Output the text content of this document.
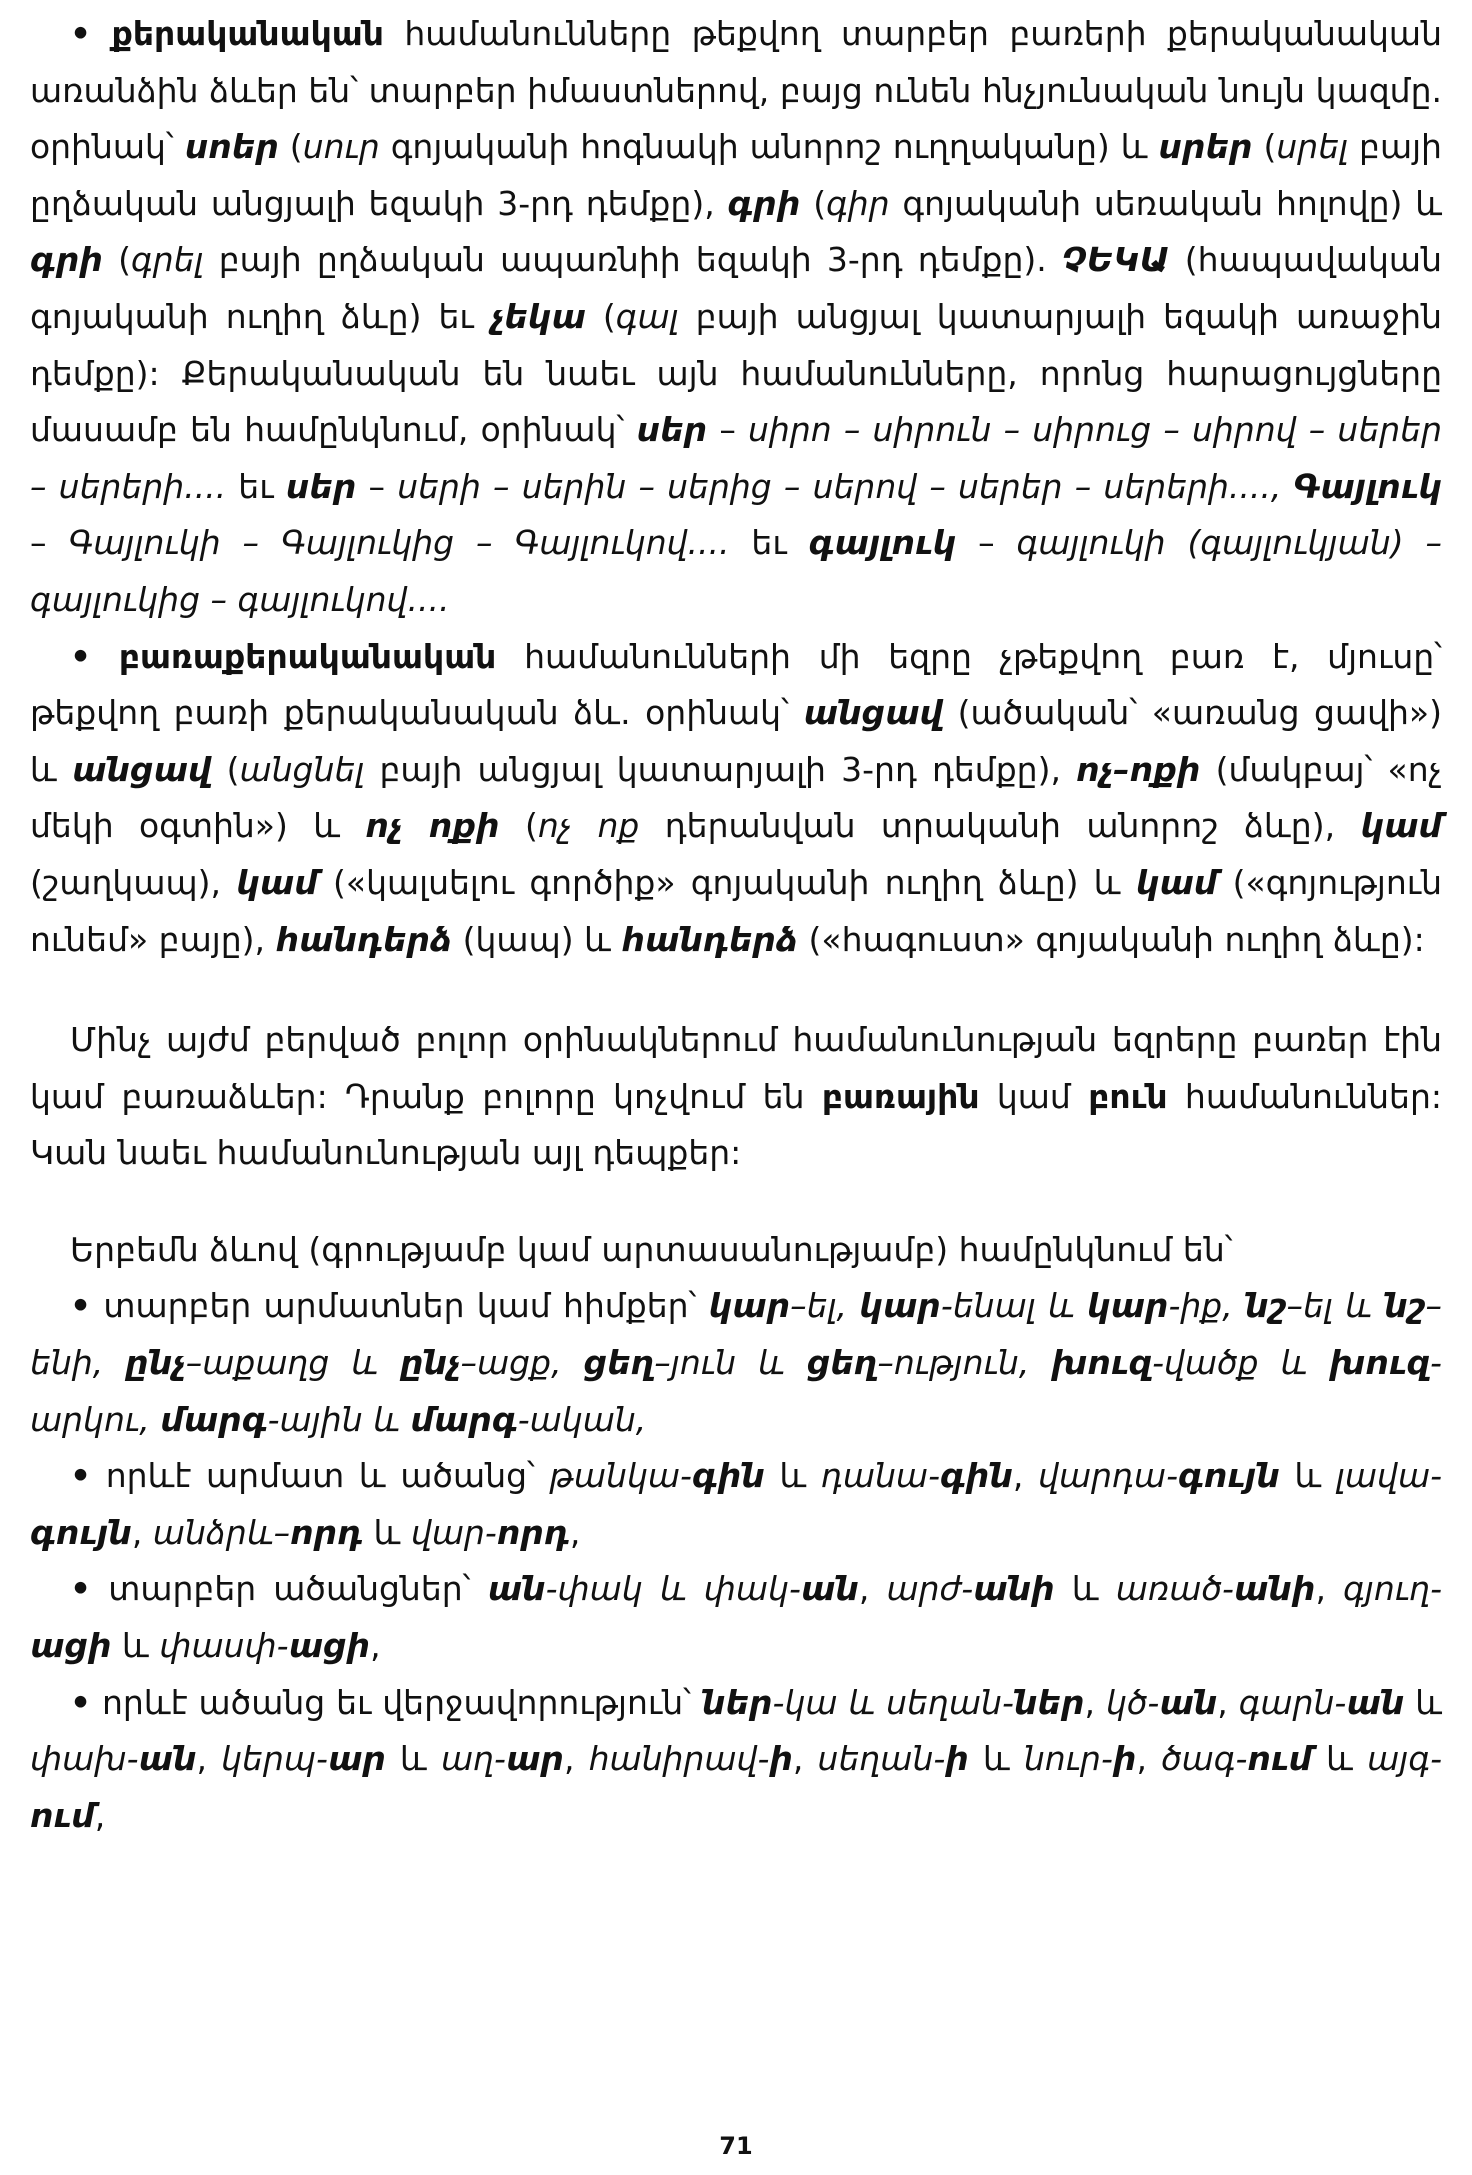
• քերականական համանունները թեքվող տարբեր բառերի քերականական առանձին ձևեր են՝ տարբեր իմաստներով, բայց ունեն հնչյունական նույն կազմը. օրինակ՝ սոեր (սուր գոյականի հոգնակի անորոշ ուղղականը) և սրեր (սրել բայի ըղձական անցյալի եզակի 3-րդ դեմքը), գրի (գիր գոյականի սեռական հոլովը) և գրի (գրել բայի ըղձական ապառնիի եզակի 3-րդ դեմքը). ՉԵԿԱ (հապավական գոյականի ուղիղ ձևը) եւ չեկա (գալ բայի անցյալ կատարյալի եզակի առաջին դեմքը): Քերականական են նաեւ այն համանունները, որոնց հարացույցները մասամբ են համընկնում, օրինակ՝ սեր – սիրո – սիրուն – սիրուց – սիրով – սերեր – սերերի.... եւ սեր – սերի – սերին – սերից – սերով – սերեր – սերերի...., Գայլուկ – Գայլուկի – Գայլուկից – Գայլուկով.... եւ գայլուկ – գայլուկի (գայլուկյան) – գայլուկից – գայլուկով....

• բառաքերականական համանունների մի եզրը չթեքվող բառ է, մյուսը՝ թեքվող բառի քերականական ձև. օրինակ՝ անցավ (ածական՝ «առանց ցավի») և անցավ (անցնել բայի անցյալ կատարյալի 3-րդ դեմքը), ոչ–ոքի (մակբայ՝ «ոչ մեկի օգտին») և ոչ ոքի (ոչ ոք դերանվան տրականի անորոշ ձևը), կամ (շաղկապ), կամ («կալսելու գործիք» գոյականի ուղիղ ձևը) և կամ («գոյություն ունեմ» բայը), հանդերձ (կապ) և հանդերձ («հագուստ» գոյականի ուղիղ ձևը):

Մինչ այժմ բերված բոլոր օրինակներում համանունության եզրերը բառեր էին կամ բառաձևեր: Դրանք բոլորը կոչվում են բառային կամ բուն համանուններ: Կան նաեւ համանունության այլ դեպքեր:

Երբեմն ձևով (գրությամբ կամ արտասանությամբ) համընկնում են՝

• տարբեր արմատներ կամ հիմքեր՝ կար–ել, կար-ենալ և կար-իք, նշ–ել և նշ–ենի, ընչ–աքաղց և ընչ–ացք, ցեղ–յուն և ցեղ–ություն, խուզ-վածք և խուզ-արկու, մարգ-ային և մարգ-ական,

• որևէ արմատ և ածանց՝ թանկա-գին և դանա-գին, վարդա-գույն և լավա-գույն, անձրև–որդ և վար-որդ,

• տարբեր ածանցներ՝ ան-փակ և փակ-ան, արժ-անի և առած-անի, գյուղ-ացի և փասփ-ացի,

• որևէ ածանց եւ վերջավորություն՝ ներ-կա և սեղան-ներ, կծ-ան, գարն-ան և փախ-ան, կերպ-ար և աղ-ար, հանիրավ-ի, սեղան-ի և նուր-ի, ծագ-ում և այգ-ում,

71
